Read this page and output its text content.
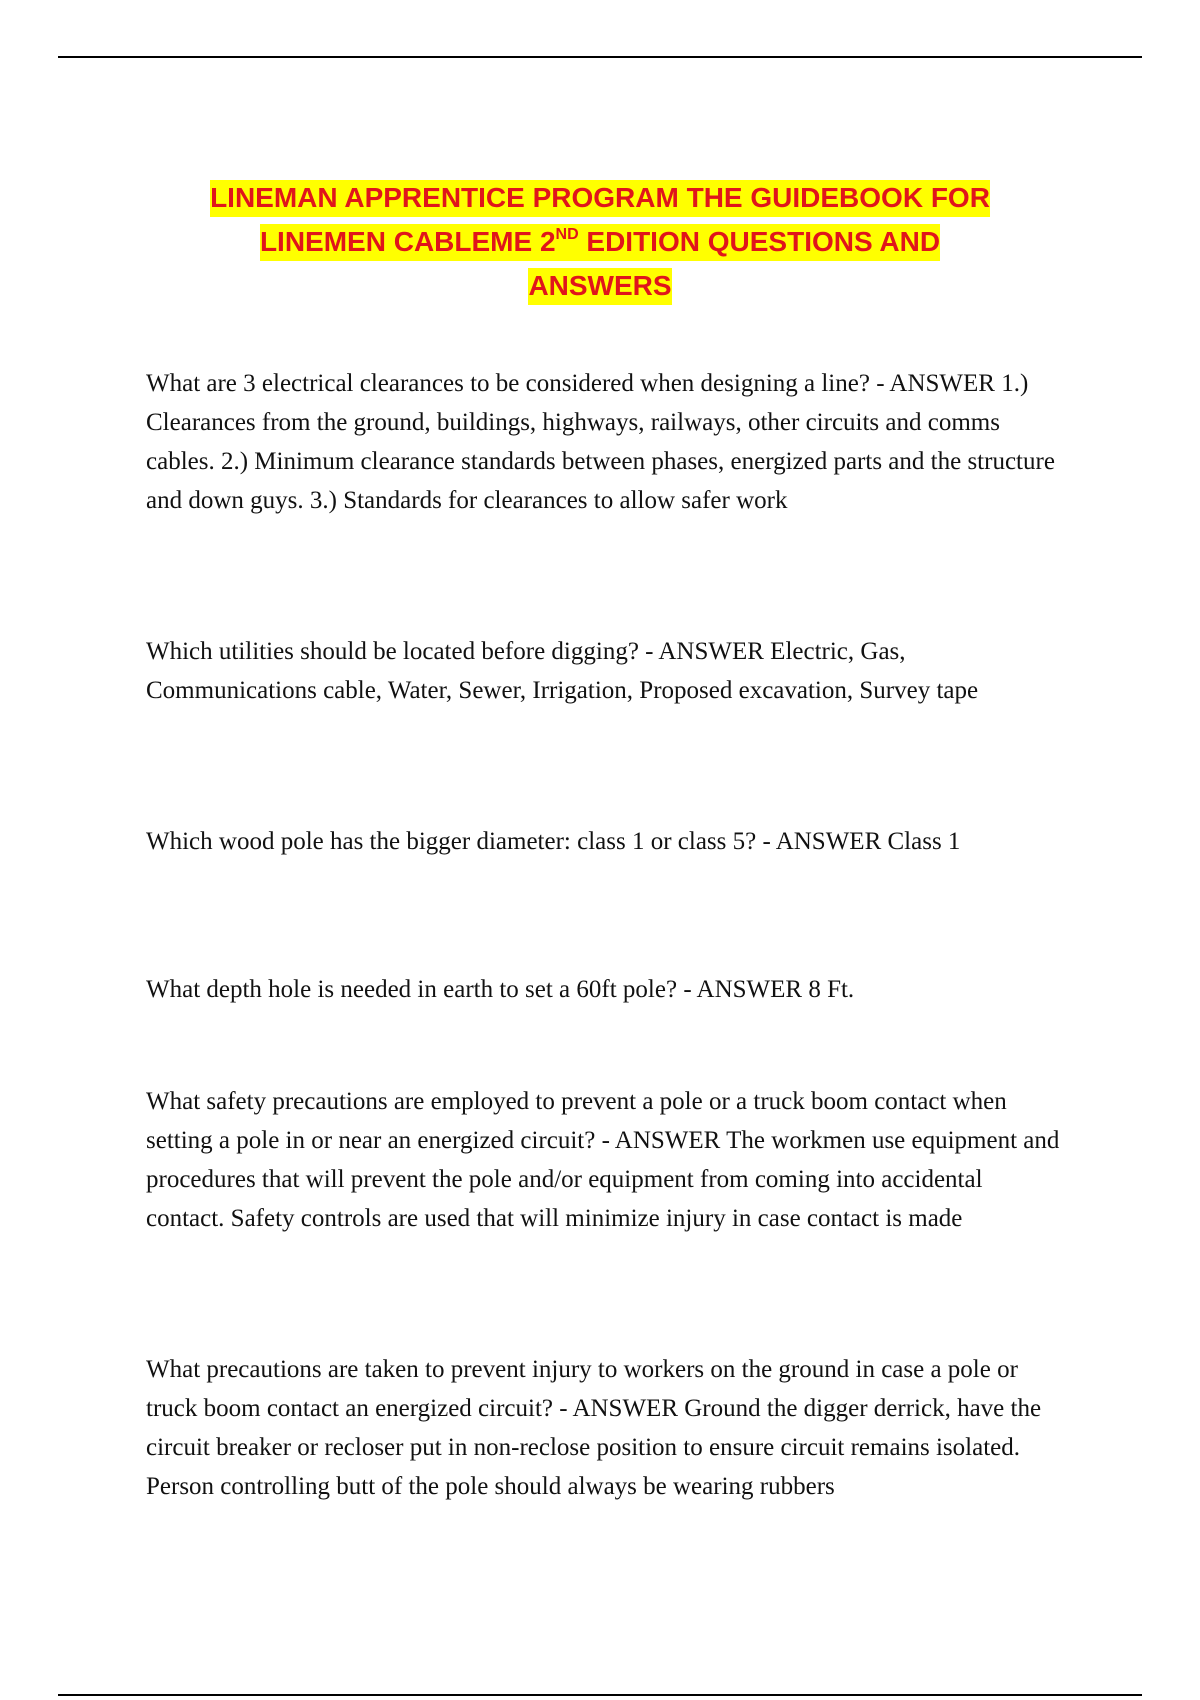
LINEMAN APPRENTICE PROGRAM THE GUIDEBOOK FOR
LINEMEN CABLEME 2ND EDITION QUESTIONS AND
ANSWERS
What are 3 electrical clearances to be considered when designing a line? - ANSWER 1.) Clearances from the ground, buildings, highways, railways, other circuits and comms cables. 2.) Minimum clearance standards between phases, energized parts and the structure and down guys. 3.) Standards for clearances to allow safer work
Which utilities should be located before digging? - ANSWER Electric, Gas, Communications cable, Water, Sewer, Irrigation, Proposed excavation, Survey tape
Which wood pole has the bigger diameter: class 1 or class 5? - ANSWER Class 1
What depth hole is needed in earth to set a 60ft pole? - ANSWER 8 Ft.
What safety precautions are employed to prevent a pole or a truck boom contact when setting a pole in or near an energized circuit? - ANSWER The workmen use equipment and procedures that will prevent the pole and/or equipment from coming into accidental contact. Safety controls are used that will minimize injury in case contact is made
What precautions are taken to prevent injury to workers on the ground in case a pole or truck boom contact an energized circuit? - ANSWER Ground the digger derrick, have the circuit breaker or recloser put in non-reclose position to ensure circuit remains isolated. Person controlling butt of the pole should always be wearing rubbers
